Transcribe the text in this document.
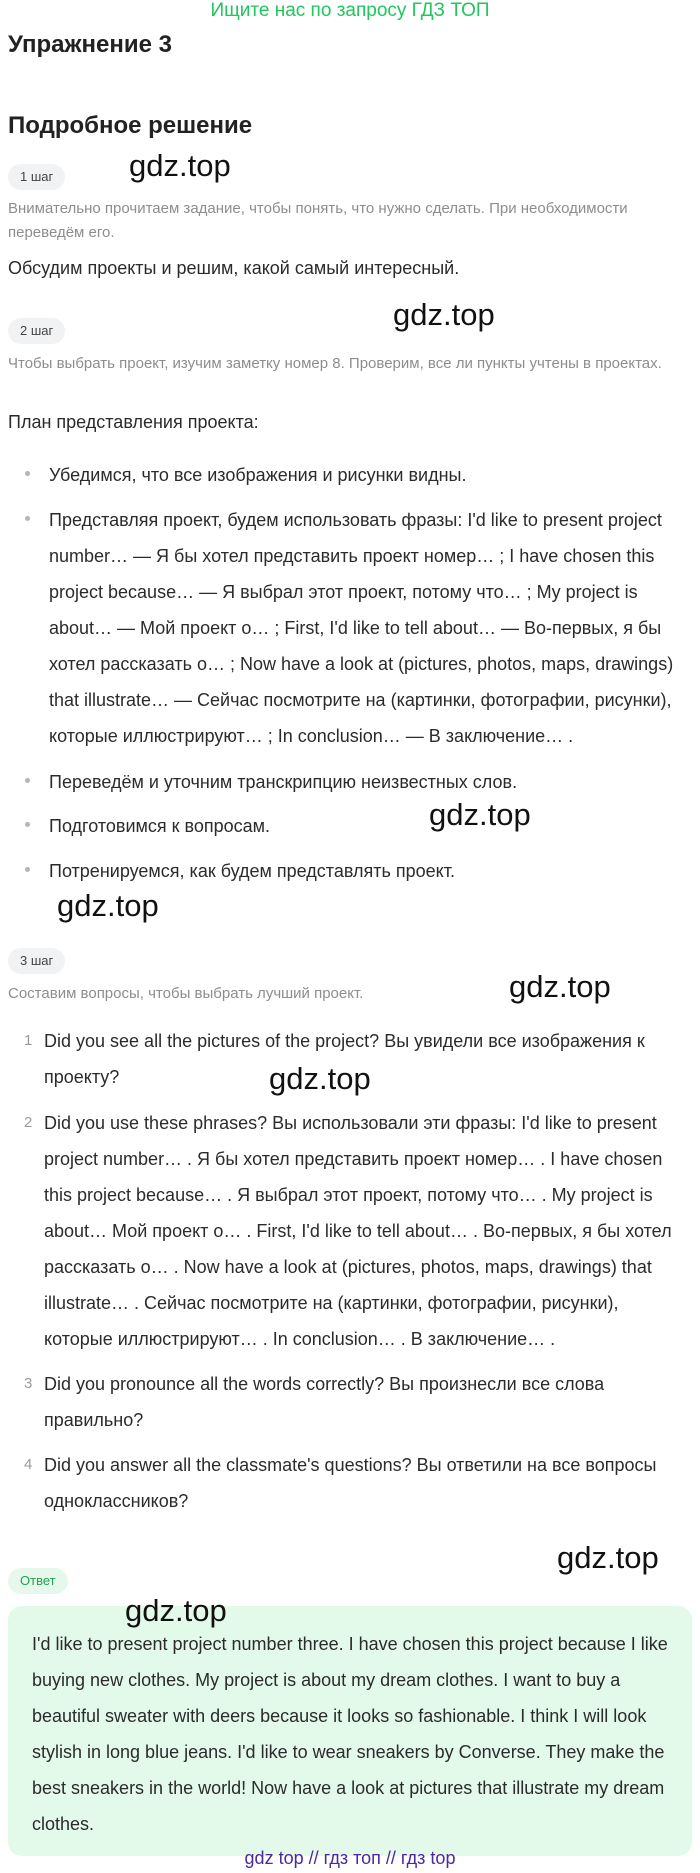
Ищите нас по запросу ГДЗ ТОП
Упражнение 3
Подробное решение
1 шаг
Внимательно прочитаем задание, чтобы понять, что нужно сделать. При необходимости переведём его.
Обсудим проекты и решим, какой самый интересный.
2 шаг
Чтобы выбрать проект, изучим заметку номер 8. Проверим, все ли пункты учтены в проектах.
План представления проекта:
Убедимся, что все изображения и рисунки видны.
Представляя проект, будем использовать фразы: I'd like to present project number… — Я бы хотел представить проект номер… ; I have chosen this project because… — Я выбрал этот проект, потому что… ; My project is about… — Мой проект о… ; First, I'd like to tell about… — Во-первых, я бы хотел рассказать о… ; Now have a look at (pictures, photos, maps, drawings) that illustrate… — Сейчас посмотрите на (картинки, фотографии, рисунки), которые иллюстрируют… ; In conclusion… — В заключение… .
Переведём и уточним транскрипцию неизвестных слов.
Подготовимся к вопросам.
Потренируемся, как будем представлять проект.
3 шаг
Составим вопросы, чтобы выбрать лучший проект.
1 Did you see all the pictures of the project? Вы увидели все изображения к проекту?
2 Did you use these phrases? Вы использовали эти фразы: I'd like to present project number… . Я бы хотел представить проект номер… . I have chosen this project because… . Я выбрал этот проект, потому что… . My project is about… Мой проект о… . First, I'd like to tell about… . Во-первых, я бы хотел рассказать о… . Now have a look at (pictures, photos, maps, drawings) that illustrate… . Сейчас посмотрите на (картинки, фотографии, рисунки), которые иллюстрируют… . In conclusion… . В заключение… .
3 Did you pronounce all the words correctly? Вы произнесли все слова правильно?
4 Did you answer all the classmate's questions? Вы ответили на все вопросы одноклассников?
Ответ
I'd like to present project number three. I have chosen this project because I like buying new clothes. My project is about my dream clothes. I want to buy a beautiful sweater with deers because it looks so fashionable. I think I will look stylish in long blue jeans. I'd like to wear sneakers by Converse. They make the best sneakers in the world! Now have a look at pictures that illustrate my dream clothes.
gdz.top
gdz.top
gdz.top
gdz.top
gdz.top
gdz.top
gdz.top
gdz.top
gdz top // гдз топ // гдз top
